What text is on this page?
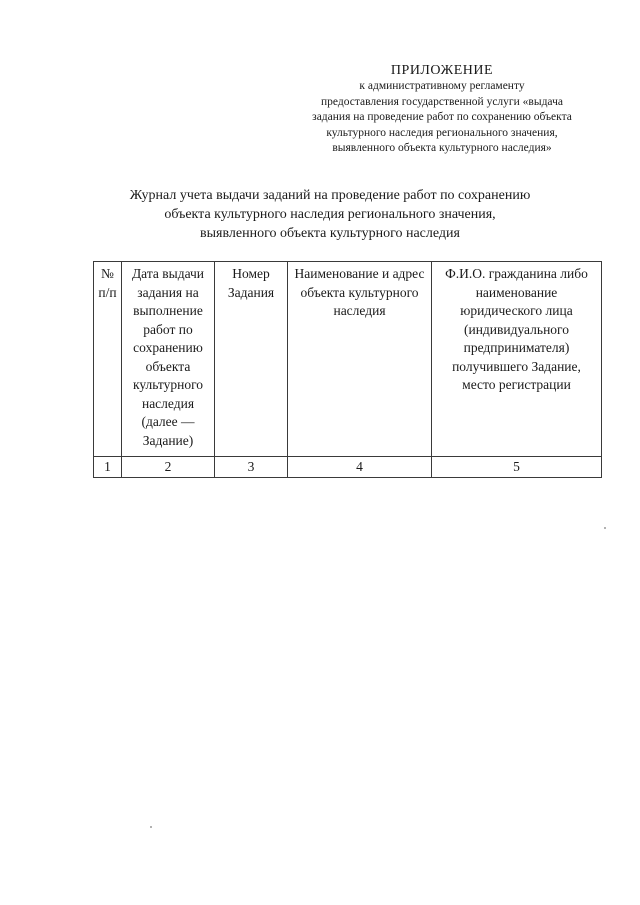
ПРИЛОЖЕНИЕ
к административному регламенту
предоставления государственной услуги «выдача
задания на проведение работ по сохранению объекта
культурного наследия регионального значения,
выявленного объекта культурного наследия»
Журнал учета выдачи заданий на проведение работ по сохранению
объекта культурного наследия регионального значения,
выявленного объекта культурного наследия
№ п/п	Дата выдачи задания на выполнение работ по сохранению объекта культурного наследия (далее — Задание)	Номер Задания	Наименование и адрес объекта культурного наследия	Ф.И.О. гражданина либо наименование юридического лица (индивидуального предпринимателя) получившего Задание, место регистрации
1	2	3	4	5
